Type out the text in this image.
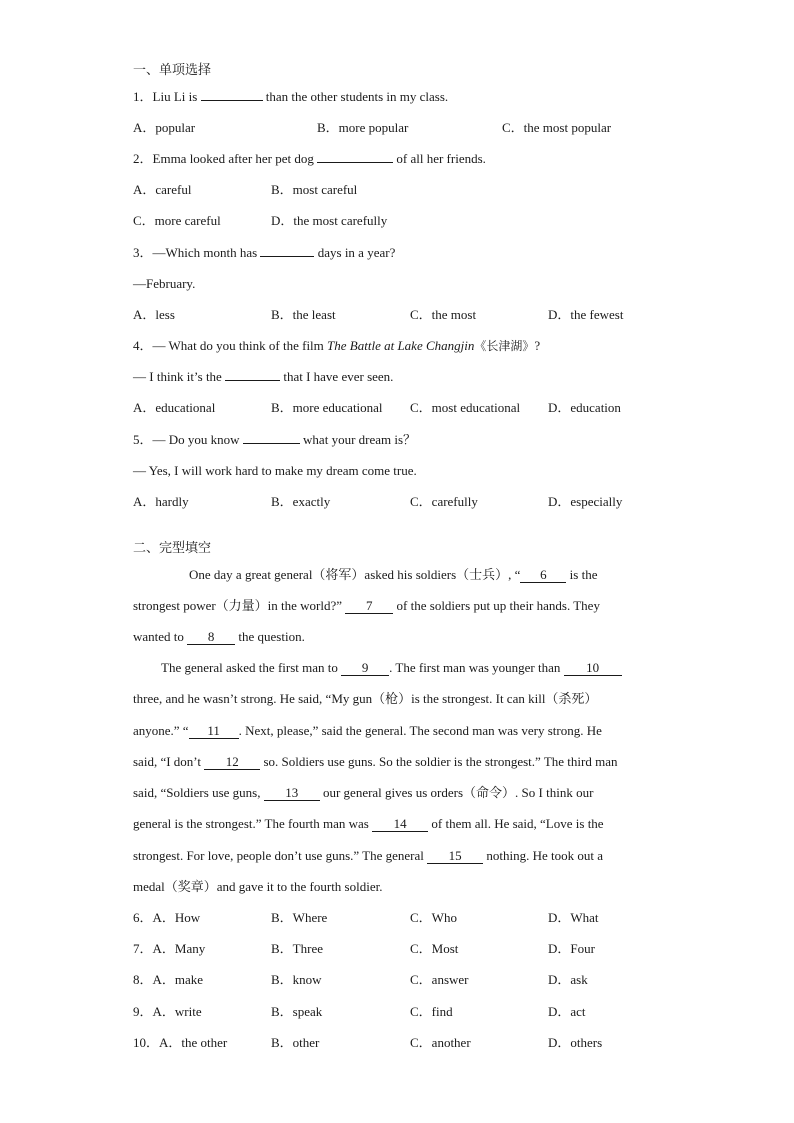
一、单项选择
1．Liu Li is	than the other students in my class.
A．popular	B．more popular	C．the most popular
2．Emma looked after her pet dog	of all her friends.
A．careful	B．most careful
C．more careful	D．the most carefully
3．—Which month has	days in a year?
—February.
A．less	B．the least	C．the most	D．the fewest
4．— What do you think of the film The Battle at Lake Changjin《长津湖》?
— I think it’s the	that I have ever seen.
A．educational	B．more educational C．most educational D．education
5．— Do you know	what your dream is？
— Yes, I will work hard to make my dream come true.
A．hardly	B．exactly	C．carefully	D．especially
二、完型填空
One day a great general（将军）asked his soldiers（士兵）, “ 6 is the
strongest power（力量）in the world?” 7 of the soldiers put up their hands. They
wanted to 8 the question.
The general asked the first man to 9 . The first man was younger than 10
three, and he wasn’t strong. He said, “My gun（枪）is the strongest. It can kill（杀死）
anyone.” “ 11 . Next, please,” said the general. The second man was very strong. He
said, “I don’t 12 so. Soldiers use guns. So the soldier is the strongest.” The third man
said, “Soldiers use guns, 13 our general gives us orders（命令）. So I think our
general is the strongest.” The fourth man was 14 of them all. He said, “Love is the
strongest. For love, people don’t use guns.” The general 15 nothing. He took out a
medal（奖章）and gave it to the fourth soldier.
6．A．How	B．Where	C．Who	D．What
7．A．Many	B．Three	C．Most	D．Four
8．A．make	B．know	C．answer	D．ask
9．A．write	B．speak	C．find	D．act
10．A．the other	B．other	C．another	D．others
